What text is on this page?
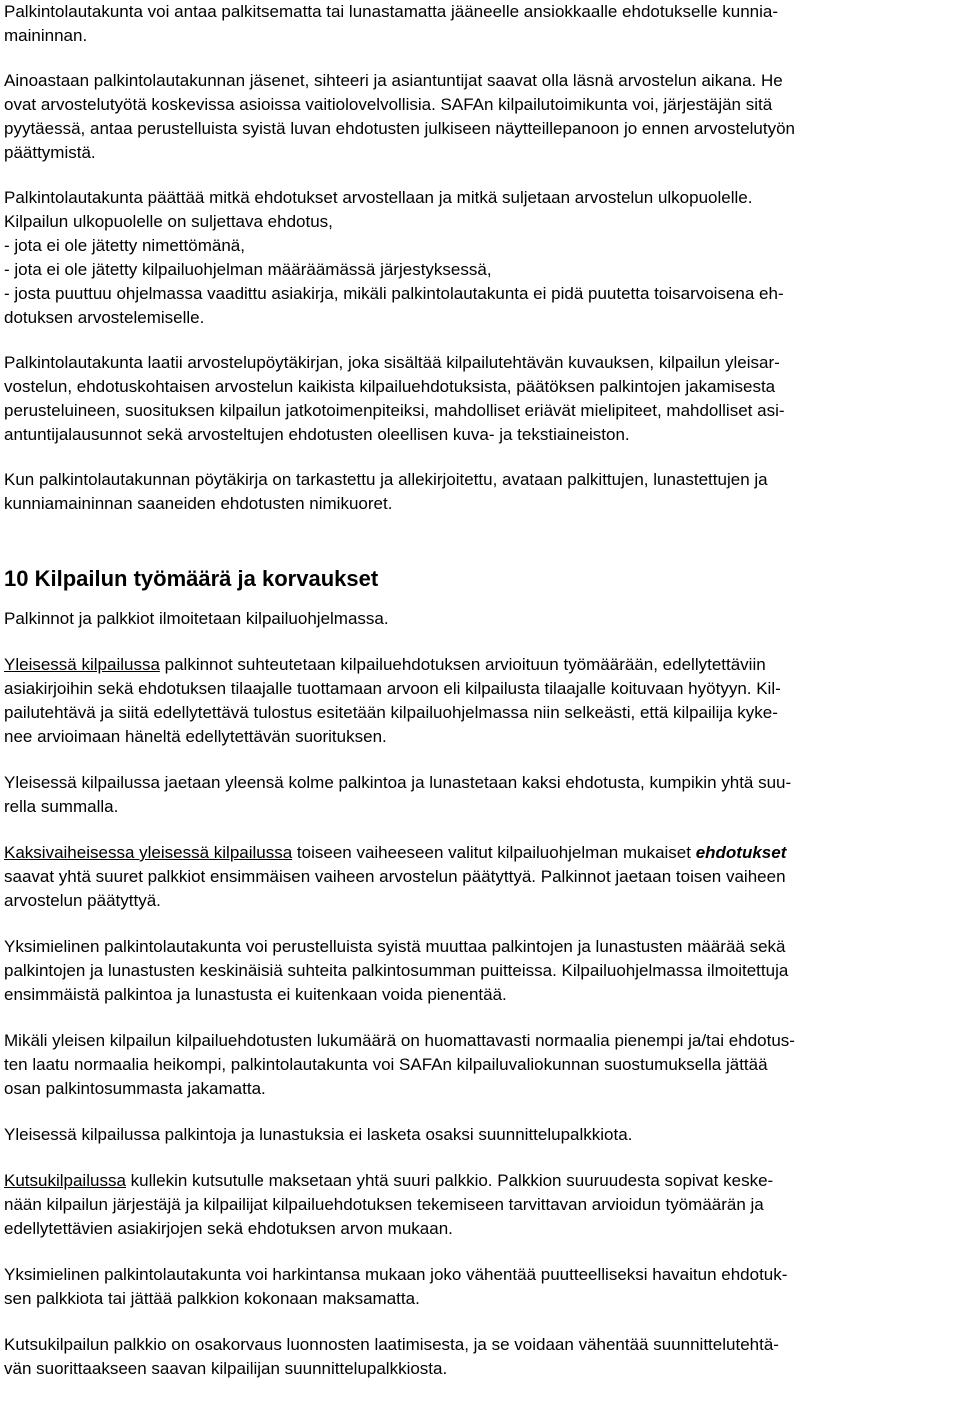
Palkintolautakunta voi antaa palkitsematta tai lunastamatta jääneelle ansiokkaalle ehdotukselle kunnia-

maininnan.

Ainoastaan palkintolautakunnan jäsenet, sihteeri ja asiantuntijat saavat olla läsnä arvostelun aikana. He

ovat arvostelutyötä koskevissa asioissa vaitiolovelvollisia. SAFAn kilpailutoimikunta voi, järjestäjän sitä

pyytäessä, antaa perustelluista syistä luvan ehdotusten julkiseen näytteillepanoon jo ennen arvostelutyön

päättymistä.

Palkintolautakunta päättää mitkä ehdotukset arvostellaan ja mitkä suljetaan arvostelun ulkopuolelle.

Kilpailun ulkopuolelle on suljettava ehdotus,

- jota ei ole jätetty nimettömänä,

- jota ei ole jätetty kilpailuohjelman määräämässä järjestyksessä,

- josta puuttuu ohjelmassa vaadittu asiakirja, mikäli palkintolautakunta ei pidä puutetta toisarvoisena eh-

dotuksen arvostelemiselle.

Palkintolautakunta laatii arvostelupöytäkirjan, joka sisältää kilpailutehtävän kuvauksen, kilpailun yleisar-

vostelun, ehdotuskohtaisen arvostelun kaikista kilpailuehdotuksista, päätöksen palkintojen jakamisesta

perusteluineen, suosituksen kilpailun jatkotoimenpiteiksi, mahdolliset eriävät mielipiteet, mahdolliset asi-

antuntijalausunnot sekä arvosteltujen ehdotusten oleellisen kuva- ja tekstiaineiston.

Kun palkintolautakunnan pöytäkirja on tarkastettu ja allekirjoitettu, avataan palkittujen, lunastettujen ja

kunniamaininnan saaneiden ehdotusten nimikuoret.

10 Kilpailun työmäärä ja korvaukset

Palkinnot ja palkkiot ilmoitetaan kilpailuohjelmassa.

Yleisessä kilpailussa palkinnot suhteutetaan kilpailuehdotuksen arvioituun työmäärään, edellytettäviin

asiakirjoihin sekä ehdotuksen tilaajalle tuottamaan arvoon eli kilpailusta tilaajalle koituvaan hyötyyn. Kil-

pailutehtävä ja siitä edellytettävä tulostus esitetään kilpailuohjelmassa niin selkeästi, että kilpailija kyke-

nee arvioimaan häneltä edellytettävän suorituksen.

Yleisessä kilpailussa jaetaan yleensä kolme palkintoa ja lunastetaan kaksi ehdotusta, kumpikin yhtä suu-

rella summalla.

Kaksivaiheisessa yleisessä kilpailussa toiseen vaiheeseen valitut kilpailuohjelman mukaiset ehdotukset

saavat yhtä suuret palkkiot ensimmäisen vaiheen arvostelun päätyttyä. Palkinnot jaetaan toisen vaiheen

arvostelun päätyttyä.

Yksimielinen palkintolautakunta voi perustelluista syistä muuttaa palkintojen ja lunastusten määrää sekä

palkintojen ja lunastusten keskinäisiä suhteita palkintosumman puitteissa. Kilpailuohjelmassa ilmoitettuja

ensimmäistä palkintoa ja lunastusta ei kuitenkaan voida pienentää.

Mikäli yleisen kilpailun kilpailuehdotusten lukumäärä on huomattavasti normaalia pienempi ja/tai ehdotus-

ten laatu normaalia heikompi, palkintolautakunta voi SAFAn kilpailuvaliokunnan suostumuksella jättää

osan palkintosummasta jakamatta.

Yleisessä kilpailussa palkintoja ja lunastuksia ei lasketa osaksi suunnittelupalkkiota.

Kutsukilpailussa kullekin kutsutulle maksetaan yhtä suuri palkkio. Palkkion suuruudesta sopivat keske-

nään kilpailun järjestäjä ja kilpailijat kilpailuehdotuksen tekemiseen tarvittavan arvioidun työmäärän ja

edellytettävien asiakirjojen sekä ehdotuksen arvon mukaan.

Yksimielinen palkintolautakunta voi harkintansa mukaan joko vähentää puutteelliseksi havaitun ehdotuk-

sen palkkiota tai jättää palkkion kokonaan maksamatta.

Kutsukilpailun palkkio on osakorvaus luonnosten laatimisesta, ja se voidaan vähentää suunnittelutehtä-

vän suorittaakseen saavan kilpailijan suunnittelupalkkiosta.
